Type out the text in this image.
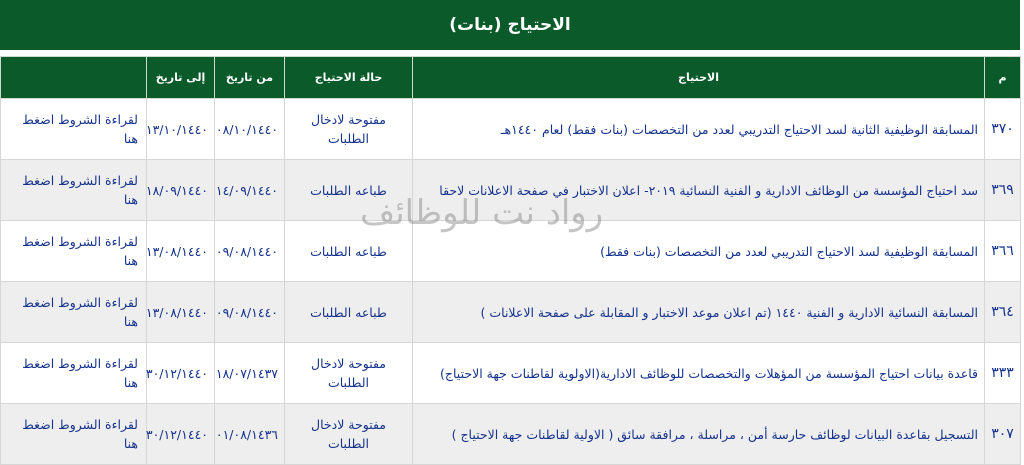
الاحتياج (بنات)
م	الاحتياج	حالة الاحتياج	من تاريخ	إلى تاريخ	
٣٧٠	المسابقة الوظيفية الثانية لسد الاحتياج التدريبي لعدد من التخصصات (بنات فقط) لعام ١٤٤٠هـ	مفتوحة لادخال الطلبات	٠٨/١٠/١٤٤٠	١٣/١٠/١٤٤٠	لقراءة الشروط اضغط هنا
٣٦٩	سد احتياج المؤسسة من الوظائف الادارية و الفنية النسائية ٢٠١٩- اعلان الاختبار في صفحة الاعلانات لاحقا	طباعه الطلبات	١٤/٠٩/١٤٤٠	١٨/٠٩/١٤٤٠	لقراءة الشروط اضغط هنا
٣٦٦	المسابقة الوظيفية لسد الاحتياج التدريبي لعدد من التخصصات (بنات فقط)	طباعه الطلبات	٠٩/٠٨/١٤٤٠	١٣/٠٨/١٤٤٠	لقراءة الشروط اضغط هنا
٣٦٤	المسابقة النسائية الادارية و الفنية ١٤٤٠ (تم اعلان موعد الاختبار و المقابلة على صفحة الاعلانات )	طباعه الطلبات	٠٩/٠٨/١٤٤٠	١٣/٠٨/١٤٤٠	لقراءة الشروط اضغط هنا
٣٣٣	قاعدة بيانات احتياج المؤسسة من المؤهلات والتخصصات للوظائف الادارية(الاولوية لقاطنات جهة الاحتياج)	مفتوحة لادخال الطلبات	١٨/٠٧/١٤٣٧	٣٠/١٢/١٤٤٠	لقراءة الشروط اضغط هنا
٣٠٧	التسجيل بقاعدة البيانات لوظائف حارسة أمن ، مراسلة ، مرافقة سائق ( الاولية لقاطنات جهة الاحتياج )	مفتوحة لادخال الطلبات	٠١/٠٨/١٤٣٦	٣٠/١٢/١٤٤٠	لقراءة الشروط اضغط هنا
رواد نت للوظائف
